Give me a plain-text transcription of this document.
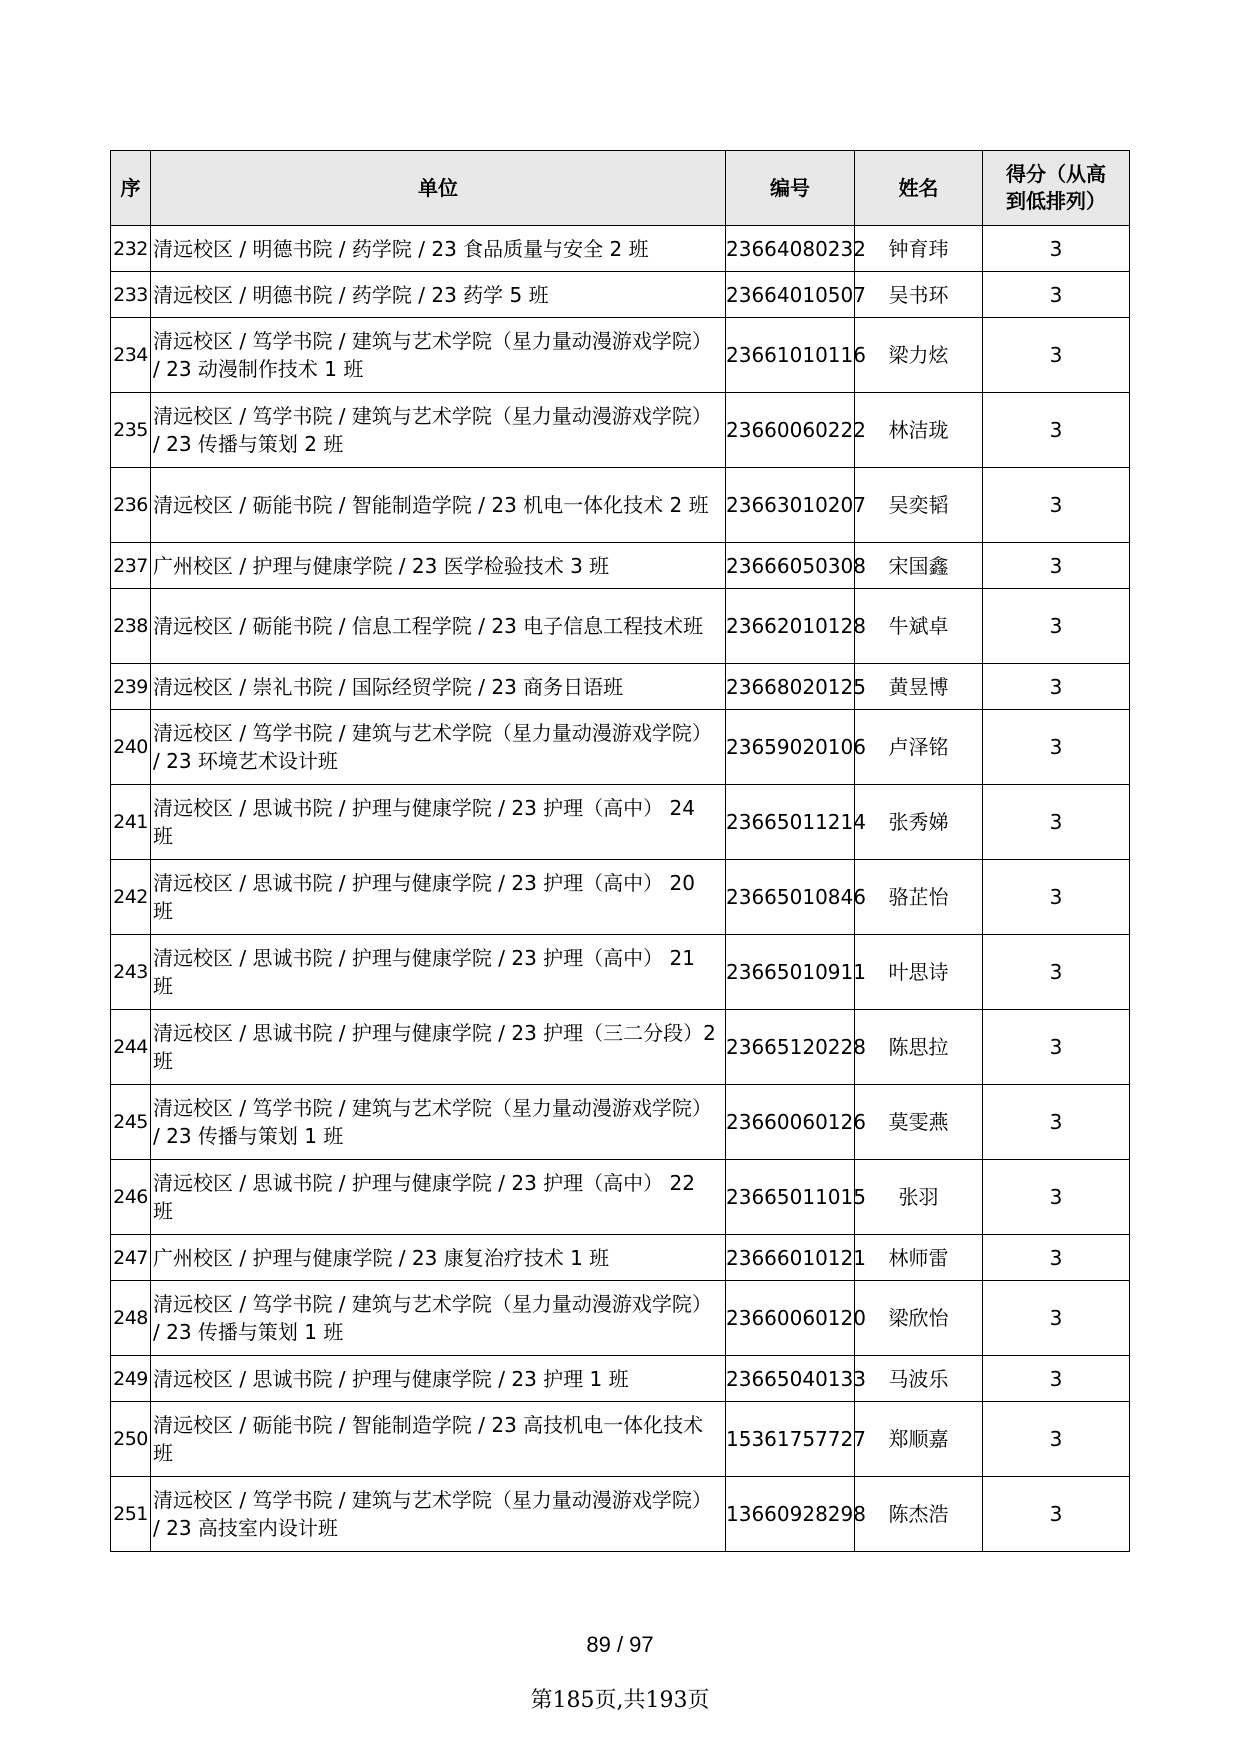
序	单位	编号	姓名	得分（从高到低排列）
232	清远校区 / 明德书院 / 药学院 / 23 食品质量与安全 2 班	23664080232	钟育玮	3
233	清远校区 / 明德书院 / 药学院 / 23 药学 5 班	23664010507	吴书环	3
234	清远校区 / 笃学书院 / 建筑与艺术学院（星力量动漫游戏学院） / 23 动漫制作技术 1 班	23661010116	梁力炫	3
235	清远校区 / 笃学书院 / 建筑与艺术学院（星力量动漫游戏学院） / 23 传播与策划 2 班	23660060222	林洁珑	3
236	清远校区 / 砺能书院 / 智能制造学院 / 23 机电一体化技术 2 班	23663010207	吴奕韬	3
237	广州校区 / 护理与健康学院 / 23 医学检验技术 3 班	23666050308	宋国鑫	3
238	清远校区 / 砺能书院 / 信息工程学院 / 23 电子信息工程技术班	23662010128	牛斌卓	3
239	清远校区 / 崇礼书院 / 国际经贸学院 / 23 商务日语班	23668020125	黄昱博	3
240	清远校区 / 笃学书院 / 建筑与艺术学院（星力量动漫游戏学院） / 23 环境艺术设计班	23659020106	卢泽铭	3
241	清远校区 / 思诚书院 / 护理与健康学院 / 23 护理（高中） 24 班	23665011214	张秀娣	3
242	清远校区 / 思诚书院 / 护理与健康学院 / 23 护理（高中） 20 班	23665010846	骆芷怡	3
243	清远校区 / 思诚书院 / 护理与健康学院 / 23 护理（高中） 21 班	23665010911	叶思诗	3
244	清远校区 / 思诚书院 / 护理与健康学院 / 23 护理（三二分段）2 班	23665120228	陈思拉	3
245	清远校区 / 笃学书院 / 建筑与艺术学院（星力量动漫游戏学院） / 23 传播与策划 1 班	23660060126	莫雯燕	3
246	清远校区 / 思诚书院 / 护理与健康学院 / 23 护理（高中） 22 班	23665011015	张羽	3
247	广州校区 / 护理与健康学院 / 23 康复治疗技术 1 班	23666010121	林师雷	3
248	清远校区 / 笃学书院 / 建筑与艺术学院（星力量动漫游戏学院） / 23 传播与策划 1 班	23660060120	梁欣怡	3
249	清远校区 / 思诚书院 / 护理与健康学院 / 23 护理 1 班	23665040133	马波乐	3
250	清远校区 / 砺能书院 / 智能制造学院 / 23 高技机电一体化技术班	15361757727	郑顺嘉	3
251	清远校区 / 笃学书院 / 建筑与艺术学院（星力量动漫游戏学院） / 23 高技室内设计班	13660928298	陈杰浩	3
89 / 97
第185页,共193页
